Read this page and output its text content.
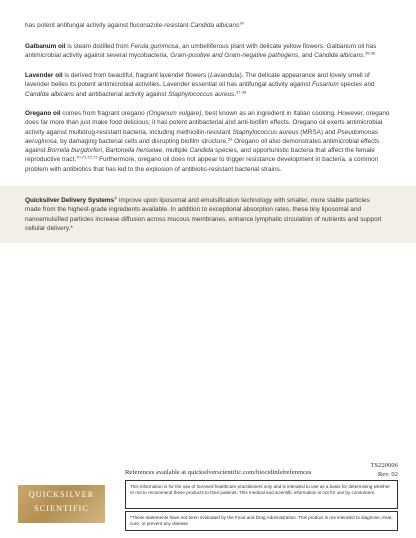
has potent antifungal activity against fluconazole-resistant Candida albicans$^{34}$

Galbanum oil is steam distilled from Ferula gummosa, an umbelliferous plant with delicate yellow flowers. Galbanum oil has antimicrobial activity against several mycobacteria, Gram-positive and Gram-negative pathogens, and Candida albicans.$^{35-36}$

Lavender oil is derived from beautiful, fragrant lavender flowers (Lavandula). The delicate appearance and lovely smell of lavender belies its potent antimicrobial activities. Lavender essential oil has antifungal activity against Fusarium species and Candida albicans and antibacterial activity against Staphylococcus aureus.$^{37-38}$

Oregano oil comes from fragrant oregano (Origanum vulgare), best known as an ingredient in Italian cooking. However, oregano does far more than just make food delicious; it has potent antibacterial and anti-biofilm effects. Oregano oil exerts antimicrobial activity against multidrug-resistant bacteria, including methicillin-resistant Staphylococcus aureus (MRSA) and Pseudomonas aeruginosa, by damaging bacterial cells and disrupting biofilm structure.$^{39}$ Oregano oil also demonstrates antimicrobial effects against Borrelia burgdorferi, Bartonella henselae, multiple Candida species, and opportunistic bacteria that affect the female reproductive tract.$^{70,71,72,73}$ Furthermore, oregano oil does not appear to trigger resistance development in bacteria, a common problem with antibiotics that has led to the explosion of antibiotic-resistant bacterial strains.

Quicksilver Delivery Systems® improve upon liposomal and emulsification technology with smaller, more stable particles made from the highest-grade ingredients available. In addition to exceptional absorption rates, these tiny liposomal and nanoemulsified particles increase diffusion across mucous membranes, enhance lymphatic circulation of nutrients and support cellular delivery.*

TS220006
Rev. 02
References available at quicksilverscientific.com/biocidinlsfreferences
This information is for the use of licensed healthcare practitioners only and is intended to use as a basis for determining whether or not to recommend these products to their patients. This medical and scientific information is not for use by consumers.
*These statements have not been evaluated by the Food and Drug Administration. This product is not intended to diagnose, treat, cure, or prevent any disease.
QUICKSILVER
SCIENTIFIC
